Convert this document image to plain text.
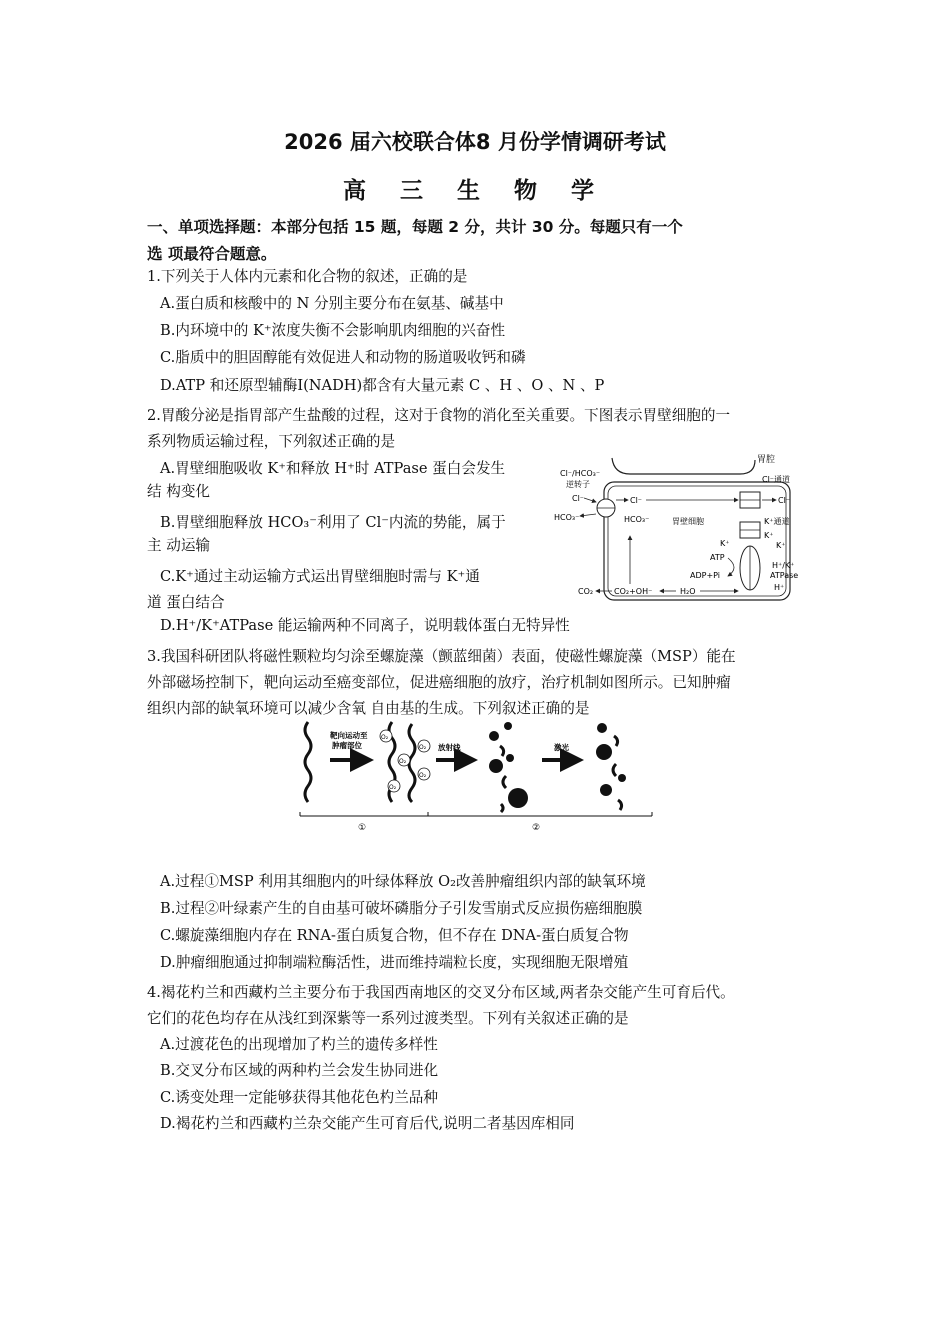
2026 届六校联合体8 月份学情调研考试
高 三 生 物 学
一、单项选择题：本部分包括 15 题，每题 2 分，共计 30 分。每题只有一个
选 项最符合题意。
1.下列关于人体内元素和化合物的叙述，正确的是
A.蛋白质和核酸中的 N 分别主要分布在氨基、碱基中
B.内环境中的 K⁺浓度失衡不会影响肌肉细胞的兴奋性
C.脂质中的胆固醇能有效促进人和动物的肠道吸收钙和磷
D.ATP 和还原型辅酶Ⅰ(NADH)都含有大量元素 C 、H 、O 、N 、P
2.胃酸分泌是指胃部产生盐酸的过程，这对于食物的消化至关重要。下图表示胃壁细胞的一
系列物质运输过程，下列叙述正确的是
A.胃壁细胞吸收 K⁺和释放 H⁺时 ATPase 蛋白会发生
结 构变化
B.胃壁细胞释放 HCO₃⁻利用了 Cl⁻内流的势能，属于
主 动运输
C.K⁺通过主动运输方式运出胃壁细胞时需与 K⁺通
道 蛋白结合
D.H⁺/K⁺ATPase 能运输两种不同离子，说明载体蛋白无特异性
胃腔
Cl⁻/HCO₃⁻
逆转子
Cl⁻
HCO₃⁻
Cl⁻
HCO₃⁻
Cl⁻通道
Cl⁻
胃壁细胞	K⁺通道
K⁺
K⁺
K⁺
ATP
ADP+Pi
H⁺/K⁺
ATPase
H⁺
CO₂	CO₂+OH⁻	H₂O
3.我国科研团队将磁性颗粒均匀涂至螺旋藻（颤蓝细菌）表面，使磁性螺旋藻（MSP）能在
外部磁场控制下，靶向运动至癌变部位，促进癌细胞的放疗，治疗机制如图所示。已知肿瘤
组织内部的缺氧环境可以减少含氧 自由基的生成。下列叙述正确的是
靶向运动至
肿瘤部位
O₂
O₂
O₂
O₂
O₂ 放射线	激光
①	②
A.过程①MSP 利用其细胞内的叶绿体释放 O₂改善肿瘤组织内部的缺氧环境
B.过程②叶绿素产生的自由基可破坏磷脂分子引发雪崩式反应损伤癌细胞膜
C.螺旋藻细胞内存在 RNA-蛋白质复合物，但不存在 DNA-蛋白质复合物
D.肿瘤细胞通过抑制端粒酶活性，进而维持端粒长度，实现细胞无限增殖
4.褐花杓兰和西藏杓兰主要分布于我国西南地区的交叉分布区域,两者杂交能产生可育后代。
它们的花色均存在从浅红到深紫等一系列过渡类型。下列有关叙述正确的是
A.过渡花色的出现增加了杓兰的遗传多样性
B.交叉分布区域的两种杓兰会发生协同进化
C.诱变处理一定能够获得其他花色杓兰品种
D.褐花杓兰和西藏杓兰杂交能产生可育后代,说明二者基因库相同
